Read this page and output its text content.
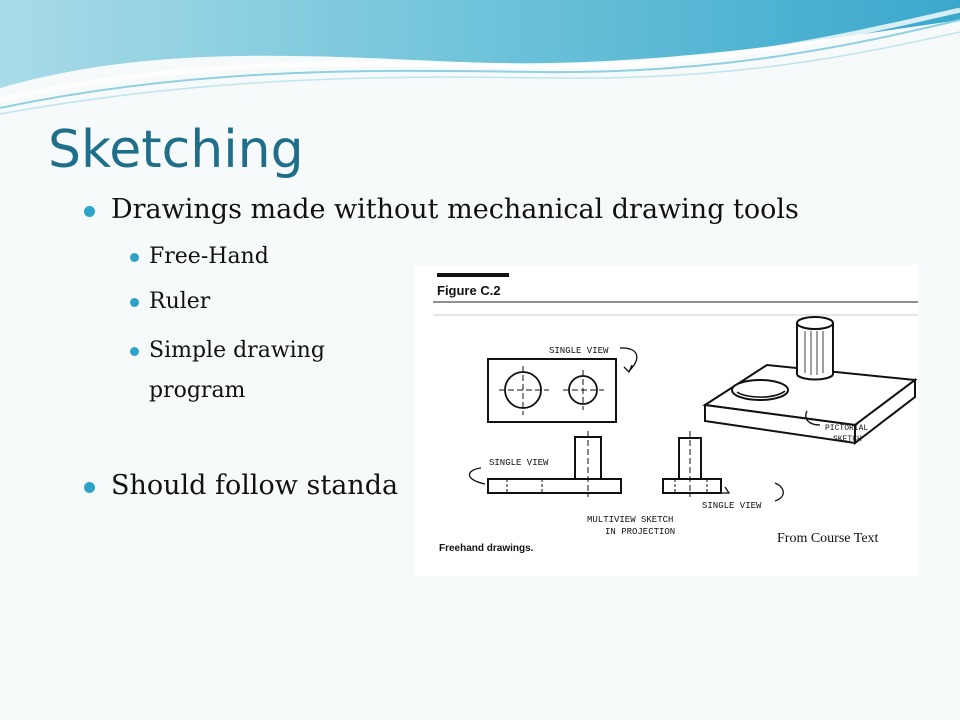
Sketching
Drawings made without mechanical drawing tools
Free-Hand
Ruler
Simple drawing
program
Should follow standa
Figure C.2
SINGLE VIEW
SINGLE VIEW
SINGLE VIEW
MULTIVIEW SKETCH
IN PROJECTION
PICTORIAL
SKETCH
Freehand drawings.
From Course Text
